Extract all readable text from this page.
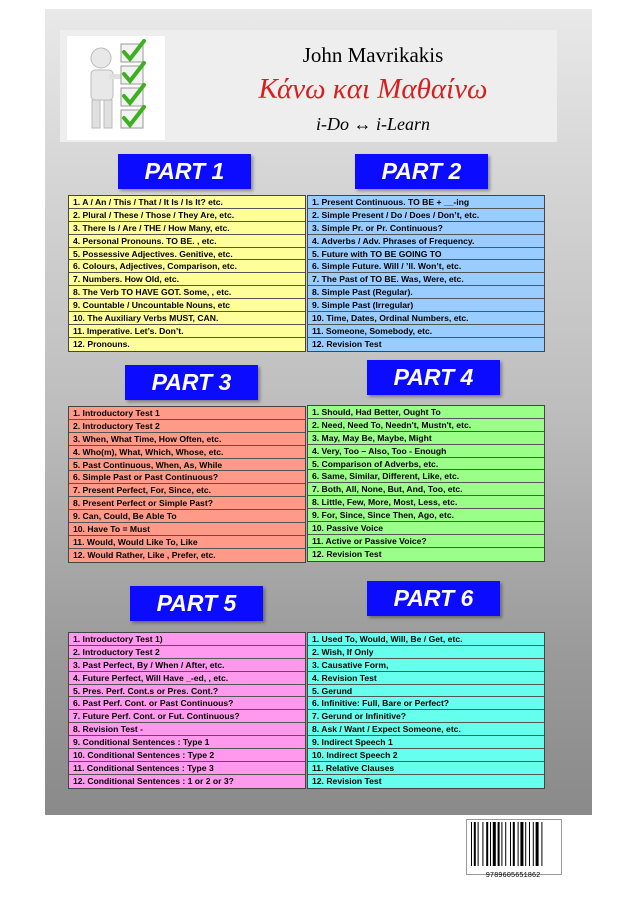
John Mavrikakis
Κάνω και Μαθαίνω
i-Do ↔ i-Learn
PART 1	PART 2
PART 3	PART 4
PART 5	PART 6
1. A / An / This / That / It Is / Is It? etc.
2. Plural / These / Those / They Are, etc.
3. There Is / Are / THE / How Many, etc.
4. Personal Pronouns. TO BE. , etc.
5. Possessive Adjectives. Genitive, etc.
6. Colours, Adjectives, Comparison, etc.
7. Numbers. How Old, etc.
8. The Verb TO HAVE GOT. Some, , etc.
9. Countable / Uncountable Nouns, etc
10. The Auxiliary Verbs MUST, CAN.
11. Imperative. Let’s. Don’t.
12. Pronouns.
1. Present Continuous. TO BE + __-ing
2. Simple Present / Do / Does / Don’t, etc.
3. Simple Pr. or Pr. Continuous?
4. Adverbs / Adv. Phrases of Frequency.
5. Future with TO BE GOING TO
6. Simple Future. Will / ’ll. Won’t, etc.
7. The Past of TO BE. Was, Were, etc.
8. Simple Past (Regular).
9. Simple Past (Irregular)
10. Time, Dates, Ordinal Numbers, etc.
11. Someone, Somebody, etc.
12. Revision Test
1. Introductory Test 1
2. Introductory Test 2
3. When, What Time, How Often, etc.
4. Who(m), What, Which, Whose, etc.
5. Past Continuous, When, As, While
6. Simple Past or Past Continuous?
7. Present Perfect, For, Since, etc.
8. Present Perfect or Simple Past?
9. Can, Could, Be Able To
10. Have To = Must
11. Would, Would Like To, Like
12. Would Rather, Like , Prefer, etc.
1. Should, Had Better, Ought To
2. Need, Need To, Needn't, Mustn't, etc.
3. May, May Be, Maybe, Might
4. Very, Too – Also, Too - Enough
5. Comparison of Adverbs, etc.
6. Same, Similar, Different, Like, etc.
7. Both, All, None, But, And, Too, etc.
8. Little, Few, More, Most, Less, etc.
9. For, Since, Since Then, Ago, etc.
10. Passive Voice
11. Active or Passive Voice?
12. Revision Test
1. Introductory Test 1)
2. Introductory Test 2
3. Past Perfect, By / When / After, etc.
4. Future Perfect, Will Have _-ed, , etc.
5. Pres. Perf. Cont.s or Pres. Cont.?
6. Past Perf. Cont. or Past Continuous?
7. Future Perf. Cont. or Fut. Continuous?
8. Revision Test -
9. Conditional Sentences : Type 1
10. Conditional Sentences : Type 2
11. Conditional Sentences : Type 3
12. Conditional Sentences : 1 or 2 or 3?
1. Used To, Would, Will, Be / Get, etc.
2. Wish, If Only
3. Causative Form,
4. Revision Test
5. Gerund
6. Infinitive: Full, Bare or Perfect?
7. Gerund or Infinitive?
8. Ask / Want / Expect Someone, etc.
9. Indirect Speech 1
10. Indirect Speech 2
11. Relative Clauses
12. Revision Test
9789605651862
